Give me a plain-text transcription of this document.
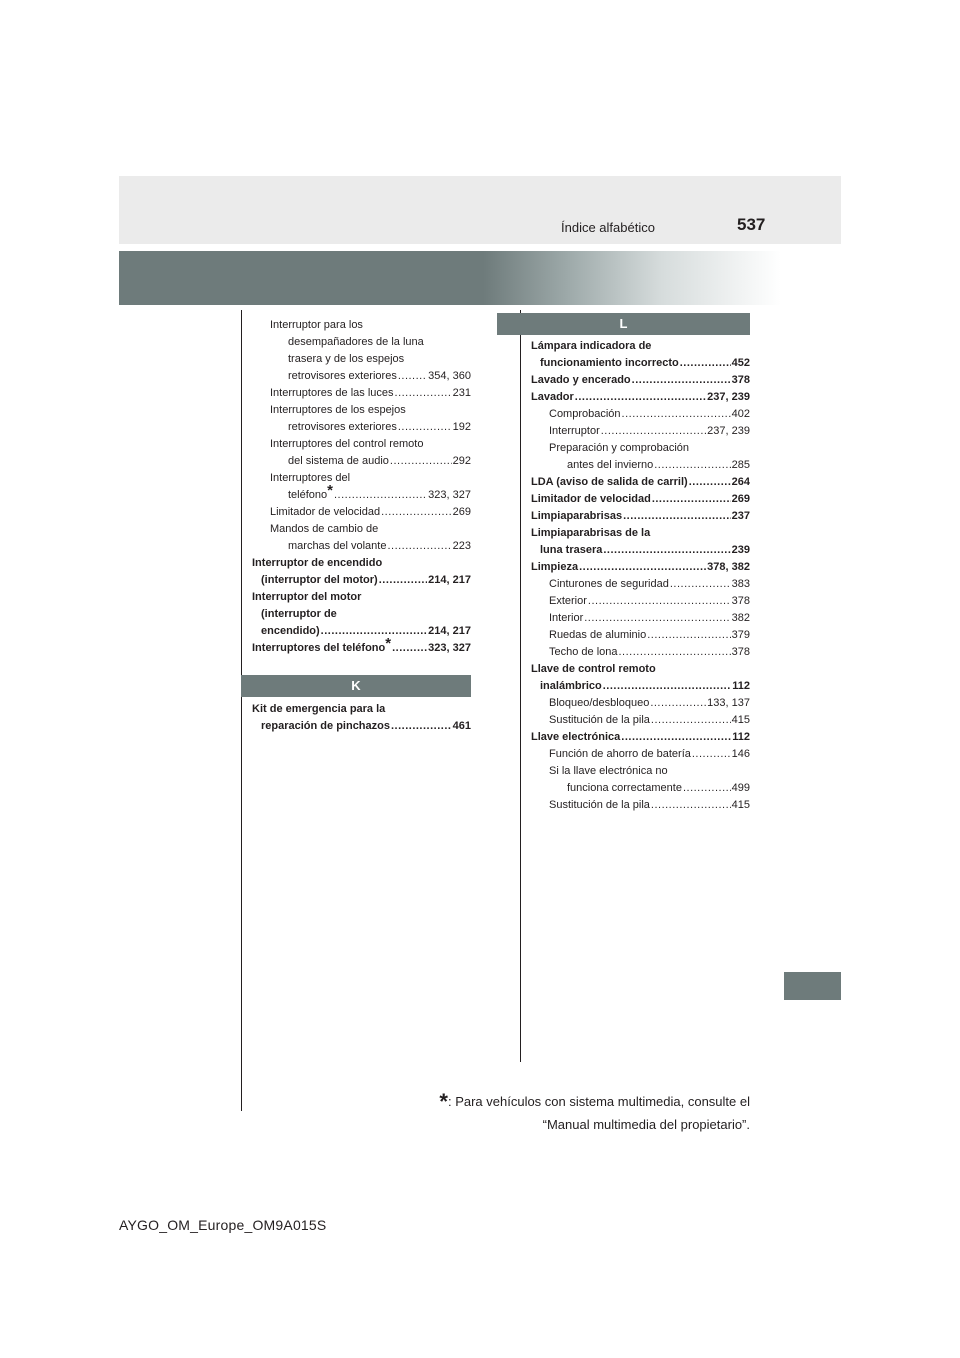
Índice alfabético	537
Interruptor para los
desempañadores de la luna
trasera y de los espejos
retrovisores exteriores .....	354, 360
Interruptores de las luces .....	231
Interruptores de los espejos
retrovisores exteriores .....	192
Interruptores del control remoto
del sistema de audio .....	292
Interruptores del
teléfono* .....	323, 327
Limitador de velocidad .....	269
Mandos de cambio de
marchas del volante .....	223
Interruptor de encendido
(interruptor del motor) .....	214, 217
Interruptor del motor
(interruptor de
encendido) .....	214, 217
Interruptores del teléfono* .....	323, 327
K
Kit de emergencia para la
reparación de pinchazos .....	461
L
Lámpara indicadora de
funcionamiento incorrecto .....	452
Lavado y encerado .....	378
Lavador .....	237, 239
Comprobación .....	402
Interruptor .....	237, 239
Preparación y comprobación
antes del invierno .....	285
LDA (aviso de salida de carril) .....	264
Limitador de velocidad .....	269
Limpiaparabrisas .....	237
Limpiaparabrisas de la
luna trasera .....	239
Limpieza .....	378, 382
Cinturones de seguridad .....	383
Exterior .....	378
Interior .....	382
Ruedas de aluminio .....	379
Techo de lona .....	378
Llave de control remoto
inalámbrico .....	112
Bloqueo/desbloqueo .....	133, 137
Sustitución de la pila .....	415
Llave electrónica .....	112
Función de ahorro de batería .....	146
Si la llave electrónica no
funciona correctamente .....	499
Sustitución de la pila .....	415
*: Para vehículos con sistema multimedia, consulte el
“Manual multimedia del propietario”.
AYGO_OM_Europe_OM9A015S
